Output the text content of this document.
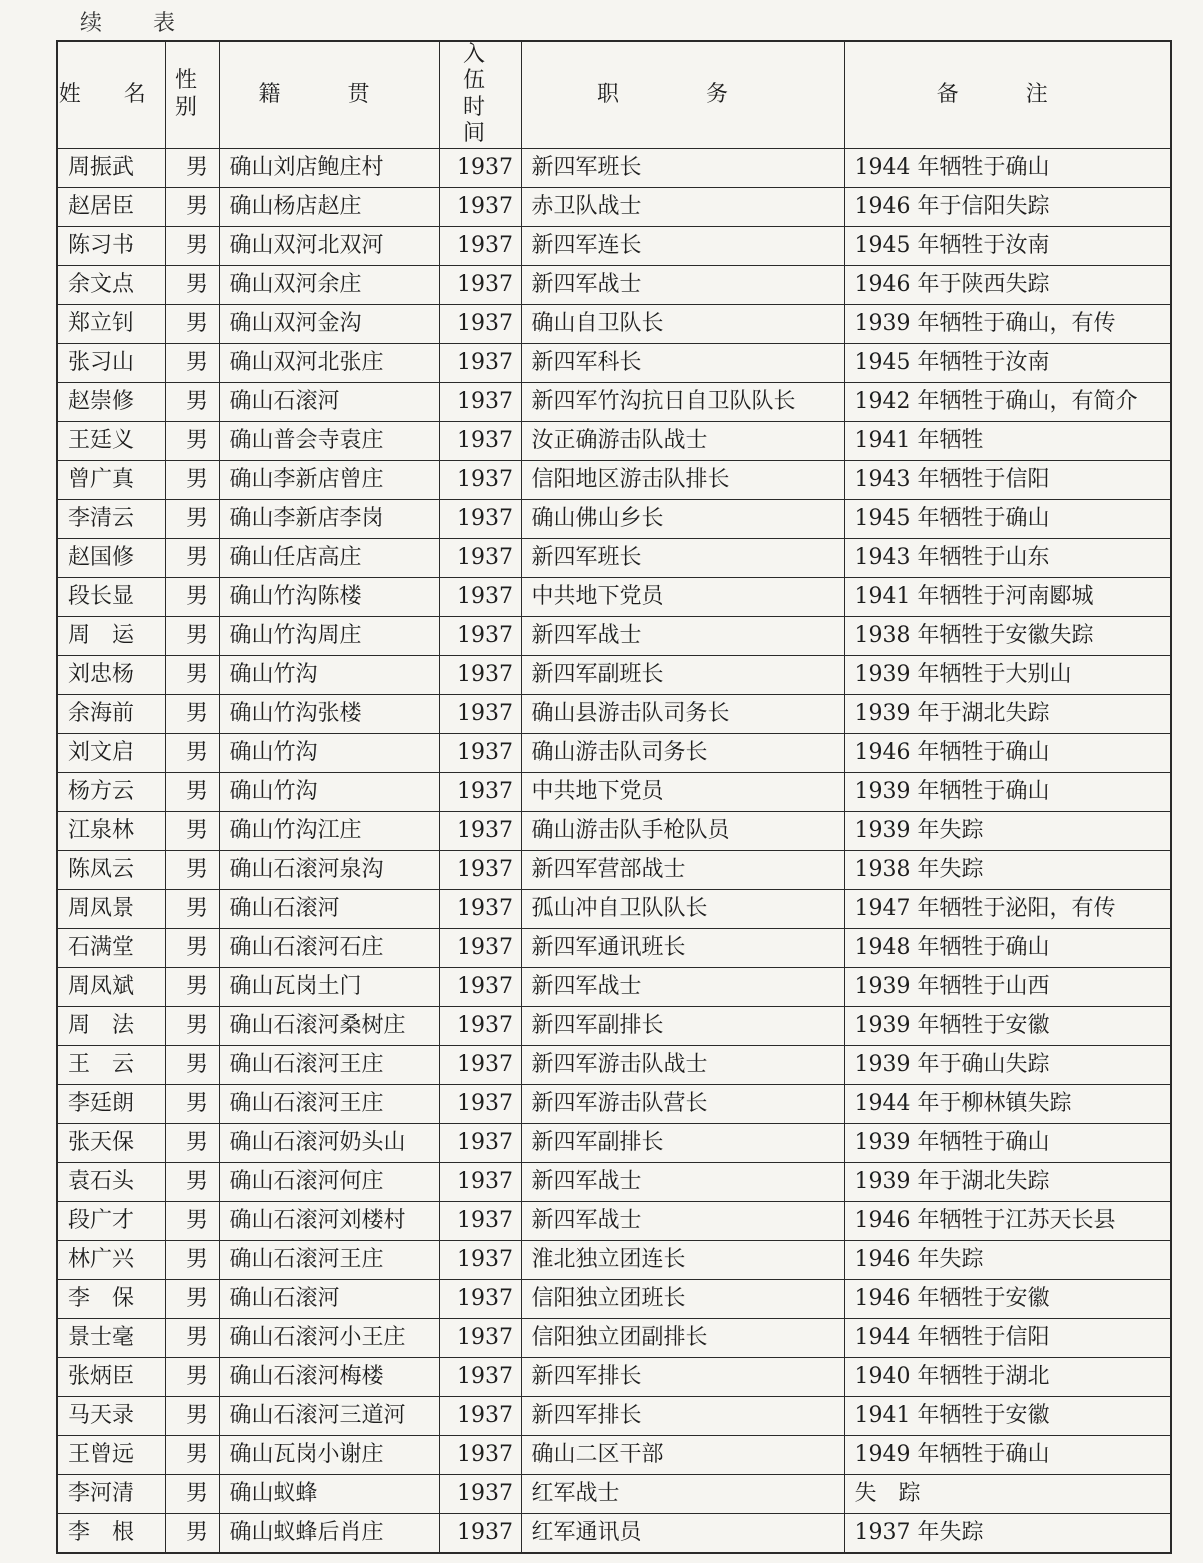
续 表
姓 名	性别	籍 贯	入伍时间	职 务	备 注
周振武	男	确山刘店鲍庄村	1937	新四军班长	1944 年牺牲于确山
赵居臣	男	确山杨店赵庄	1937	赤卫队战士	1946 年于信阳失踪
陈习书	男	确山双河北双河	1937	新四军连长	1945 年牺牲于汝南
余文点	男	确山双河余庄	1937	新四军战士	1946 年于陕西失踪
郑立钊	男	确山双河金沟	1937	确山自卫队长	1939 年牺牲于确山，有传
张习山	男	确山双河北张庄	1937	新四军科长	1945 年牺牲于汝南
赵崇修	男	确山石滚河	1937	新四军竹沟抗日自卫队队长	1942 年牺牲于确山，有简介
王廷义	男	确山普会寺袁庄	1937	汝正确游击队战士	1941 年牺牲
曾广真	男	确山李新店曾庄	1937	信阳地区游击队排长	1943 年牺牲于信阳
李清云	男	确山李新店李岗	1937	确山佛山乡长	1945 年牺牲于确山
赵国修	男	确山任店高庄	1937	新四军班长	1943 年牺牲于山东
段长显	男	确山竹沟陈楼	1937	中共地下党员	1941 年牺牲于河南郾城
周　运	男	确山竹沟周庄	1937	新四军战士	1938 年牺牲于安徽失踪
刘忠杨	男	确山竹沟	1937	新四军副班长	1939 年牺牲于大别山
余海前	男	确山竹沟张楼	1937	确山县游击队司务长	1939 年于湖北失踪
刘文启	男	确山竹沟	1937	确山游击队司务长	1946 年牺牲于确山
杨方云	男	确山竹沟	1937	中共地下党员	1939 年牺牲于确山
江泉林	男	确山竹沟江庄	1937	确山游击队手枪队员	1939 年失踪
陈凤云	男	确山石滚河泉沟	1937	新四军营部战士	1938 年失踪
周凤景	男	确山石滚河	1937	孤山冲自卫队队长	1947 年牺牲于泌阳，有传
石满堂	男	确山石滚河石庄	1937	新四军通讯班长	1948 年牺牲于确山
周凤斌	男	确山瓦岗土门	1937	新四军战士	1939 年牺牲于山西
周　法	男	确山石滚河桑树庄	1937	新四军副排长	1939 年牺牲于安徽
王　云	男	确山石滚河王庄	1937	新四军游击队战士	1939 年于确山失踪
李廷朗	男	确山石滚河王庄	1937	新四军游击队营长	1944 年于柳林镇失踪
张天保	男	确山石滚河奶头山	1937	新四军副排长	1939 年牺牲于确山
袁石头	男	确山石滚河何庄	1937	新四军战士	1939 年于湖北失踪
段广才	男	确山石滚河刘楼村	1937	新四军战士	1946 年牺牲于江苏天长县
林广兴	男	确山石滚河王庄	1937	淮北独立团连长	1946 年失踪
李　保	男	确山石滚河	1937	信阳独立团班长	1946 年牺牲于安徽
景士毫	男	确山石滚河小王庄	1937	信阳独立团副排长	1944 年牺牲于信阳
张炳臣	男	确山石滚河梅楼	1937	新四军排长	1940 年牺牲于湖北
马天录	男	确山石滚河三道河	1937	新四军排长	1941 年牺牲于安徽
王曾远	男	确山瓦岗小谢庄	1937	确山二区干部	1949 年牺牲于确山
李河清	男	确山蚁蜂	1937	红军战士	失　踪
李　根	男	确山蚁蜂后肖庄	1937	红军通讯员	1937 年失踪
